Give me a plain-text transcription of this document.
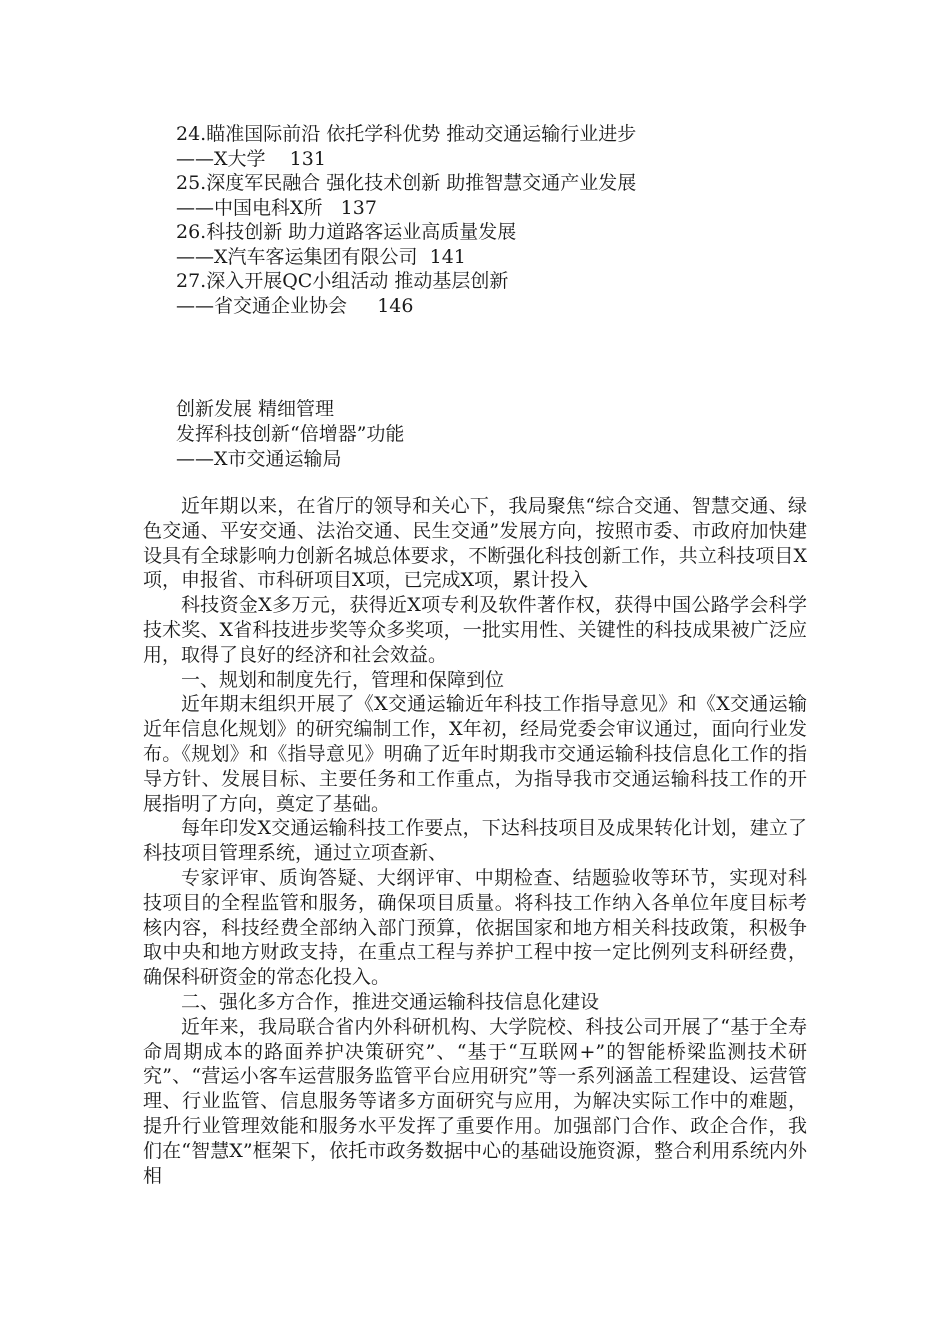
24.瞄准国际前沿 依托学科优势 推动交通运输行业进步
——X大学    131
25.深度军民融合 强化技术创新 助推智慧交通产业发展
——中国电科X所   137
26.科技创新 助力道路客运业高质量发展
——X汽车客运集团有限公司  141
27.深入开展QC小组活动 推动基层创新
——省交通企业协会     146
创新发展 精细管理
发挥科技创新“倍增器”功能
——X市交通运输局

近年期以来，在省厅的领导和关心下，我局聚焦“综合交通、智慧交通、绿色交通、平安交通、法治交通、民生交通”发展方向，按照市委、市政府加快建设具有全球影响力创新名城总体要求，不断强化科技创新工作，共立科技项目X项，申报省、市科研项目X项，已完成X项，累计投入

科技资金X多万元，获得近X项专利及软件著作权，获得中国公路学会科学技术奖、X省科技进步奖等众多奖项，一批实用性、关键性的科技成果被广泛应用，取得了良好的经济和社会效益。

一、规划和制度先行，管理和保障到位

近年期末组织开展了《X交通运输近年科技工作指导意见》和《X交通运输近年信息化规划》的研究编制工作，X年初，经局党委会审议通过，面向行业发布。《规划》和《指导意见》明确了近年时期我市交通运输科技信息化工作的指导方针、发展目标、主要任务和工作重点，为指导我市交通运输科技工作的开展指明了方向，奠定了基础。

每年印发X交通运输科技工作要点，下达科技项目及成果转化计划，建立了科技项目管理系统，通过立项查新、

专家评审、质询答疑、大纲评审、中期检查、结题验收等环节，实现对科技项目的全程监管和服务，确保项目质量。将科技工作纳入各单位年度目标考核内容，科技经费全部纳入部门预算，依据国家和地方相关科技政策，积极争取中央和地方财政支持，在重点工程与养护工程中按一定比例列支科研经费，确保科研资金的常态化投入。

二、强化多方合作，推进交通运输科技信息化建设

近年来，我局联合省内外科研机构、大学院校、科技公司开展了“基于全寿命周期成本的路面养护决策研究”、“基于“互联网+”的智能桥梁监测技术研究”、“营运小客车运营服务监管平台应用研究”等一系列涵盖工程建设、运营管理、行业监管、信息服务等诸多方面研究与应用，为解决实际工作中的难题，提升行业管理效能和服务水平发挥了重要作用。加强部门合作、政企合作，我们在“智慧X”框架下，依托市政务数据中心的基础设施资源，整合利用系统内外相
